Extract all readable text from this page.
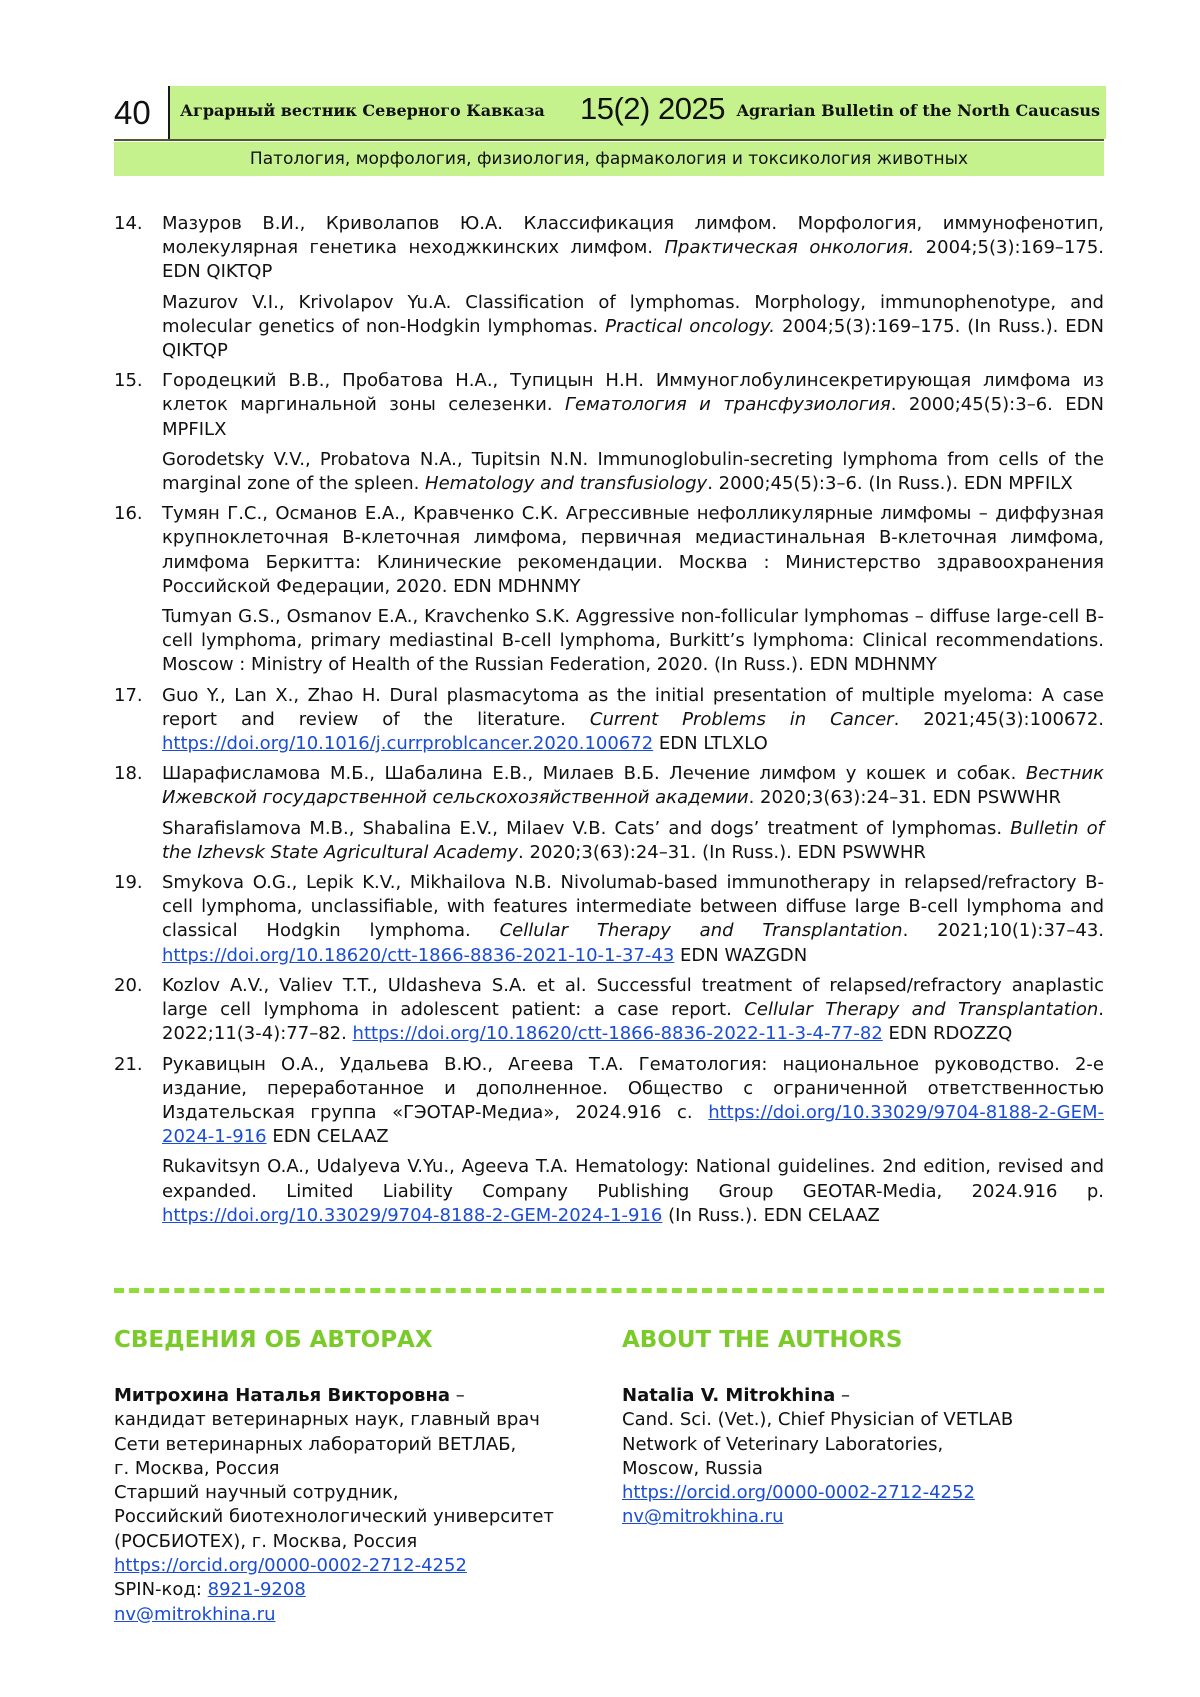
40	Аграрный вестник Северного Кавказа 15(2) 2025 Agrarian Bulletin of the North Caucasus
Патология, морфология, физиология, фармакология и токсикология животных
14. Мазуров В.И., Криволапов Ю.А. Классификация лимфом. Морфология, иммунофенотип, молекулярная генетика неходжкинских лимфом. Практическая онкология. 2004;5(3):169–175. EDN QIKTQP
Mazurov V.I., Krivolapov Yu.A. Classification of lymphomas. Morphology, immunophenotype, and molecular genetics of non-Hodgkin lymphomas. Practical oncology. 2004;5(3):169–175. (In Russ.). EDN QIKTQP
15. Городецкий В.В., Пробатова Н.А., Тупицын Н.Н. Иммуноглобулинсекретирующая лимфома из клеток маргинальной зоны селезенки. Гематология и трансфузиология. 2000;45(5):3–6. EDN MPFILX
Gorodetsky V.V., Probatova N.A., Tupitsin N.N. Immunoglobulin-secreting lymphoma from cells of the marginal zone of the spleen. Hematology and transfusiology. 2000;45(5):3–6. (In Russ.). EDN MPFILX
16. Тумян Г.С., Османов Е.А., Кравченко С.К. Агрессивные нефолликулярные лимфомы – диффузная крупноклеточная В-клеточная лимфома, первичная медиастинальная В-клеточная лимфома, лимфома Беркитта: Клинические рекомендации. Москва : Министерство здравоохранения Российской Федерации, 2020. EDN MDHNMY
Tumyan G.S., Osmanov E.A., Kravchenko S.K. Aggressive non-follicular lymphomas – diffuse large-cell B-cell lymphoma, primary mediastinal B-cell lymphoma, Burkitt’s lymphoma: Clinical recommendations. Moscow : Ministry of Health of the Russian Federation, 2020. (In Russ.). EDN MDHNMY
17. Guo Y., Lan X., Zhao H. Dural plasmacytoma as the initial presentation of multiple myeloma: A case report and review of the literature. Current Problems in Cancer. 2021;45(3):100672. https://doi.org/10.1016/j.currproblcancer.2020.100672 EDN LTLXLO
18. Шарафисламова М.Б., Шабалина Е.В., Милаев В.Б. Лечение лимфом у кошек и собак. Вестник Ижевской государственной сельскохозяйственной академии. 2020;3(63):24–31. EDN PSWWHR
Sharafislamova M.B., Shabalina E.V., Milaev V.B. Cats’ and dogs’ treatment of lymphomas. Bulletin of the Izhevsk State Agricultural Academy. 2020;3(63):24–31. (In Russ.). EDN PSWWHR
19. Smykova O.G., Lepik K.V., Mikhailova N.B. Nivolumab-based immunotherapy in relapsed/refractory B-cell lymphoma, unclassifiable, with features intermediate between diffuse large B-cell lymphoma and classical Hodgkin lymphoma. Cellular Therapy and Transplantation. 2021;10(1):37–43. https://doi.org/10.18620/ctt-1866-8836-2021-10-1-37-43 EDN WAZGDN
20. Kozlov A.V., Valiev T.T., Uldasheva S.A. et al. Successful treatment of relapsed/refractory anaplastic large cell lymphoma in adolescent patient: a case report. Cellular Therapy and Transplantation. 2022;11(3-4):77–82. https://doi.org/10.18620/ctt-1866-8836-2022-11-3-4-77-82 EDN RDOZZQ
21. Рукавицын О.А., Удальева В.Ю., Агеева Т.А. Гематология: национальное руководство. 2-е издание, переработанное и дополненное. Общество с ограниченной ответственностью Издательская группа «ГЭОТАР-Медиа», 2024.916 с. https://doi.org/10.33029/9704-8188-2-GEM-2024-1-916 EDN CELAAZ
Rukavitsyn O.A., Udalyeva V.Yu., Ageeva T.A. Hematology: National guidelines. 2nd edition, revised and expanded. Limited Liability Company Publishing Group GEOTAR-Media, 2024.916 p. https://doi.org/10.33029/9704-8188-2-GEM-2024-1-916 (In Russ.). EDN CELAAZ
СВЕДЕНИЯ ОБ АВТОРАХ
Митрохина Наталья Викторовна –
кандидат ветеринарных наук, главный врач
Сети ветеринарных лабораторий ВЕТЛАБ,
г. Москва, Россия
Старший научный сотрудник,
Российский биотехнологический университет
(РОСБИОТЕХ), г. Москва, Россия
https://orcid.org/0000-0002-2712-4252
SPIN-код: 8921-9208
nv@mitrokhina.ru
ABOUT THE AUTHORS
Natalia V. Mitrokhina –
Cand. Sci. (Vet.), Chief Physician of VETLAB
Network of Veterinary Laboratories,
Moscow, Russia
https://orcid.org/0000-0002-2712-4252
nv@mitrokhina.ru
